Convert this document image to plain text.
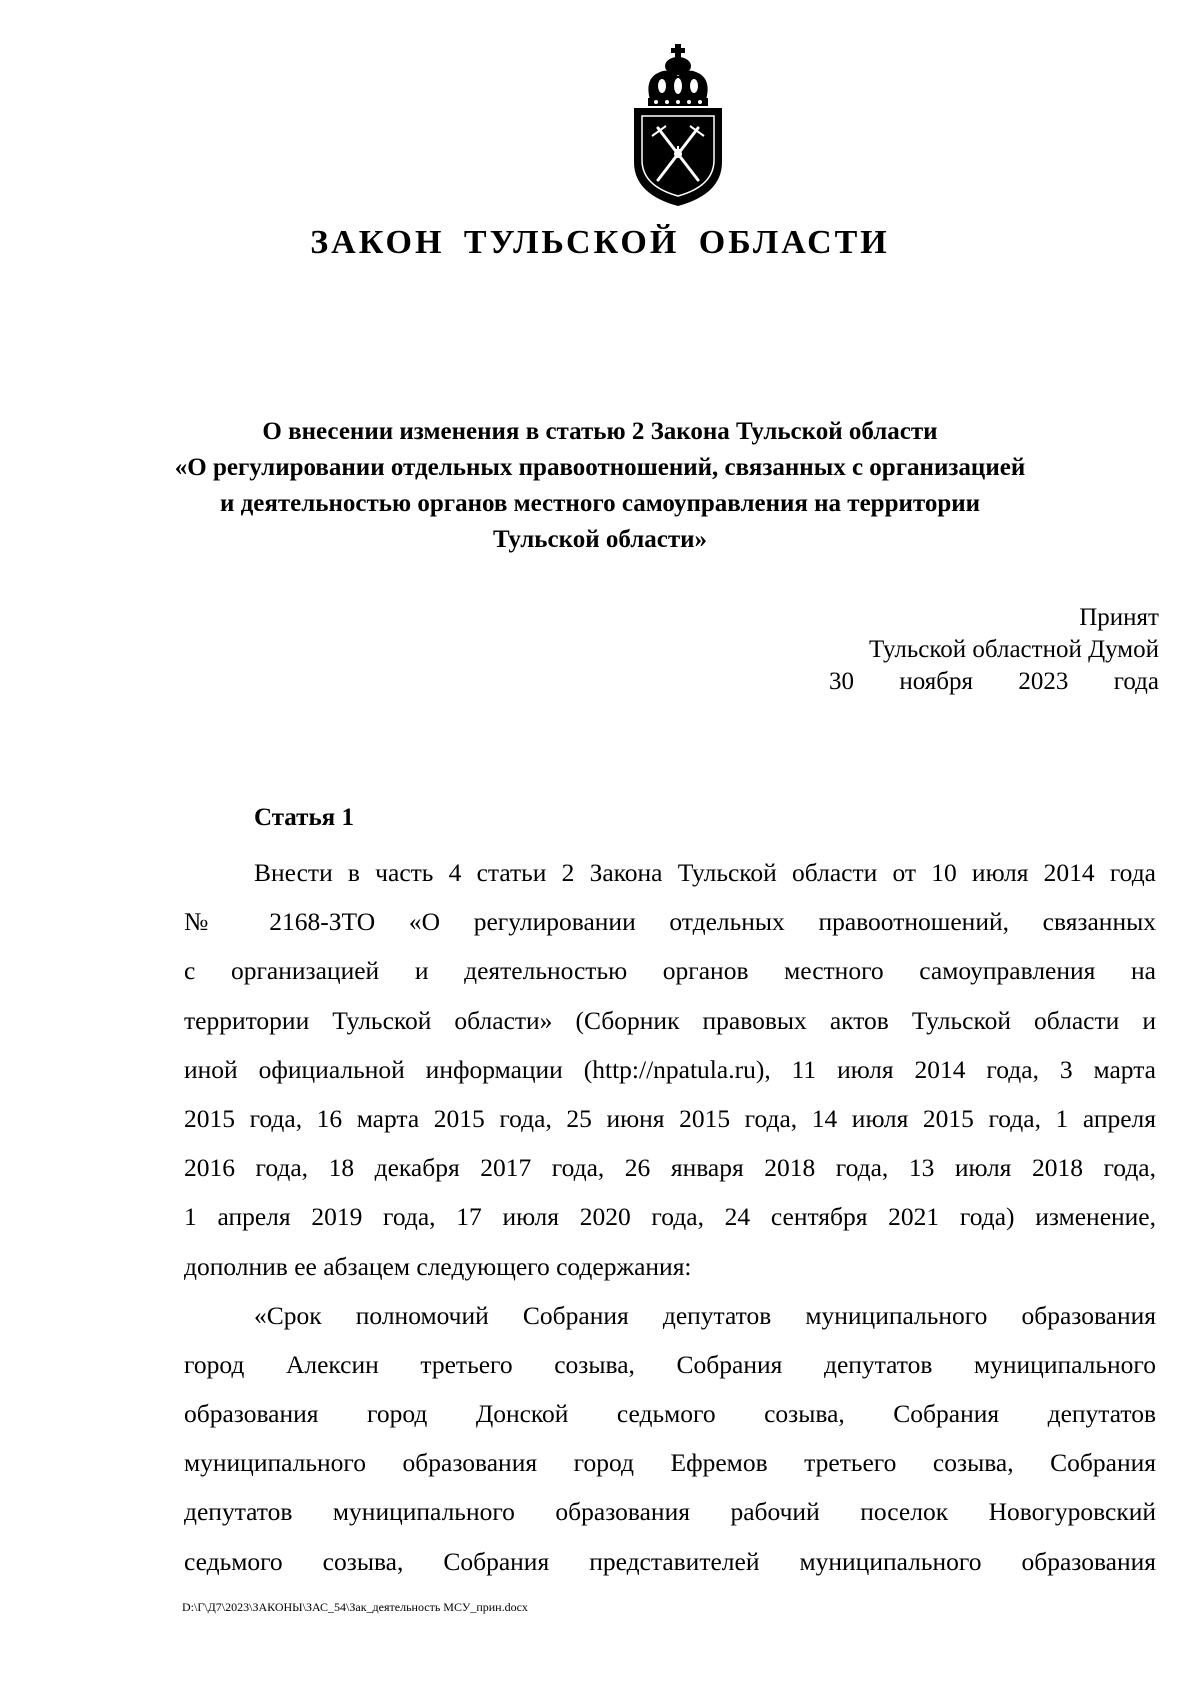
ЗАКОН ТУЛЬСКОЙ ОБЛАСТИ
О внесении изменения в статью 2 Закона Тульской области
«О регулировании отдельных правоотношений, связанных с организацией
и деятельностью органов местного самоуправления на территории
Тульской области»
Принят
Тульской областной Думой
30 ноября 2023 года
Статья 1
Внести в часть 4 статьи 2 Закона Тульской области от 10 июля 2014 года
№ 2168-ЗТО «О регулировании отдельных правоотношений, связанных
с организацией и деятельностью органов местного самоуправления на
территории Тульской области» (Сборник правовых актов Тульской области и
иной официальной информации (http://npatula.ru), 11 июля 2014 года, 3 марта
2015 года, 16 марта 2015 года, 25 июня 2015 года, 14 июля 2015 года, 1 апреля
2016 года, 18 декабря 2017 года, 26 января 2018 года, 13 июля 2018 года,
1 апреля 2019 года, 17 июля 2020 года, 24 сентября 2021 года) изменение,
дополнив ее абзацем следующего содержания:
«Срок полномочий Собрания депутатов муниципального образования
город Алексин третьего созыва, Собрания депутатов муниципального
образования город Донской седьмого созыва, Собрания депутатов
муниципального образования город Ефремов третьего созыва, Собрания
депутатов муниципального образования рабочий поселок Новогуровский
седьмого созыва, Собрания представителей муниципального образования
D:\Г\Д7\2023\ЗАКОНЫ\ЗАС_54\Зак_деятельность МСУ_прин.docx
